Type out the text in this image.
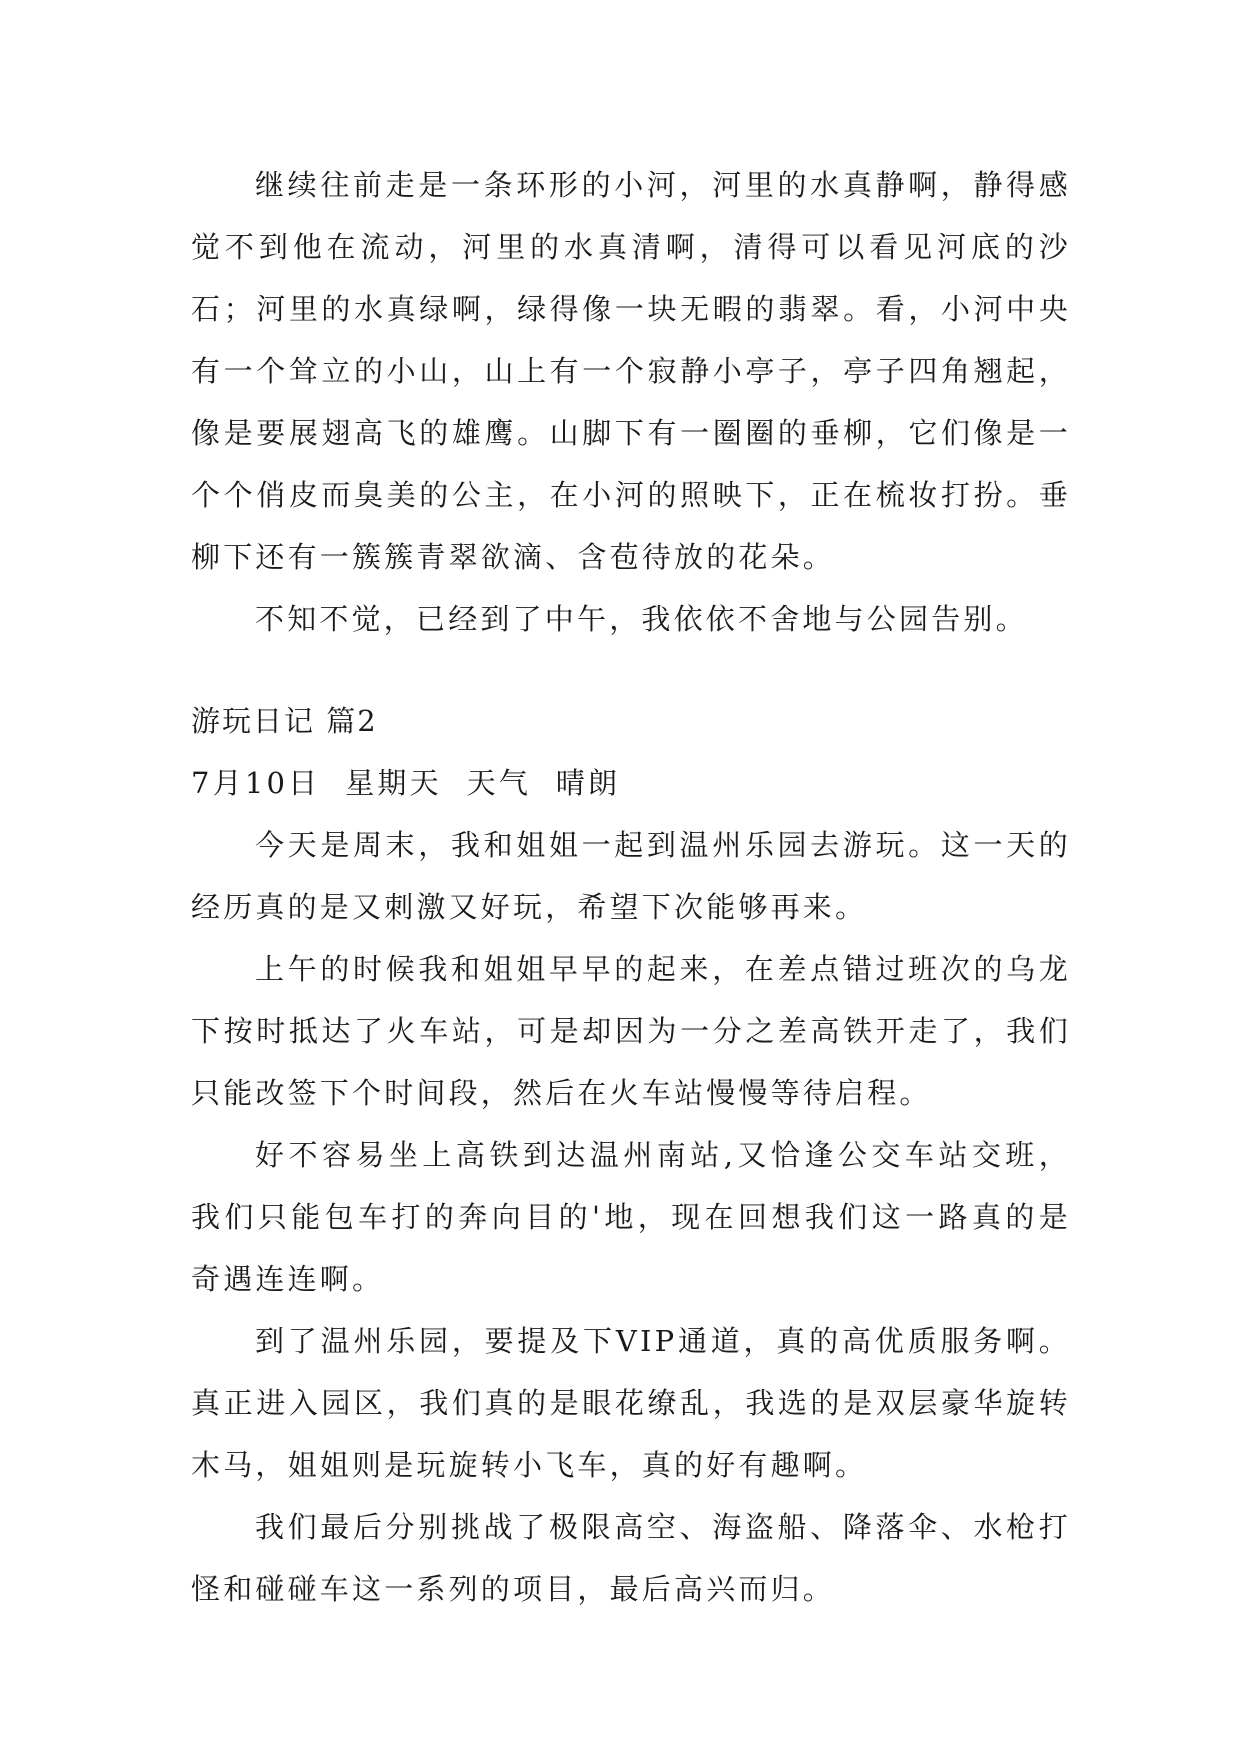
继续往前走是一条环形的小河，河里的水真静啊，静得感觉不到他在流动，河里的水真清啊，清得可以看见河底的沙石；河里的水真绿啊，绿得像一块无暇的翡翠。看，小河中央有一个耸立的小山，山上有一个寂静小亭子，亭子四角翘起，像是要展翅高飞的雄鹰。山脚下有一圈圈的垂柳，它们像是一个个俏皮而臭美的公主，在小河的照映下，正在梳妆打扮。垂柳下还有一簇簇青翠欲滴、含苞待放的花朵。

不知不觉，已经到了中午，我依依不舍地与公园告别。

游玩日记 篇2

7月10日  星期天  天气  晴朗

今天是周末，我和姐姐一起到温州乐园去游玩。这一天的经历真的是又刺激又好玩，希望下次能够再来。

上午的时候我和姐姐早早的起来，在差点错过班次的乌龙下按时抵达了火车站，可是却因为一分之差高铁开走了，我们只能改签下个时间段，然后在火车站慢慢等待启程。

好不容易坐上高铁到达温州南站,又恰逢公交车站交班，我们只能包车打的奔向目的'地，现在回想我们这一路真的是奇遇连连啊。

到了温州乐园，要提及下VIP通道，真的高优质服务啊。真正进入园区，我们真的是眼花缭乱，我选的是双层豪华旋转木马，姐姐则是玩旋转小飞车，真的好有趣啊。

我们最后分别挑战了极限高空、海盗船、降落伞、水枪打怪和碰碰车这一系列的项目，最后高兴而归。
